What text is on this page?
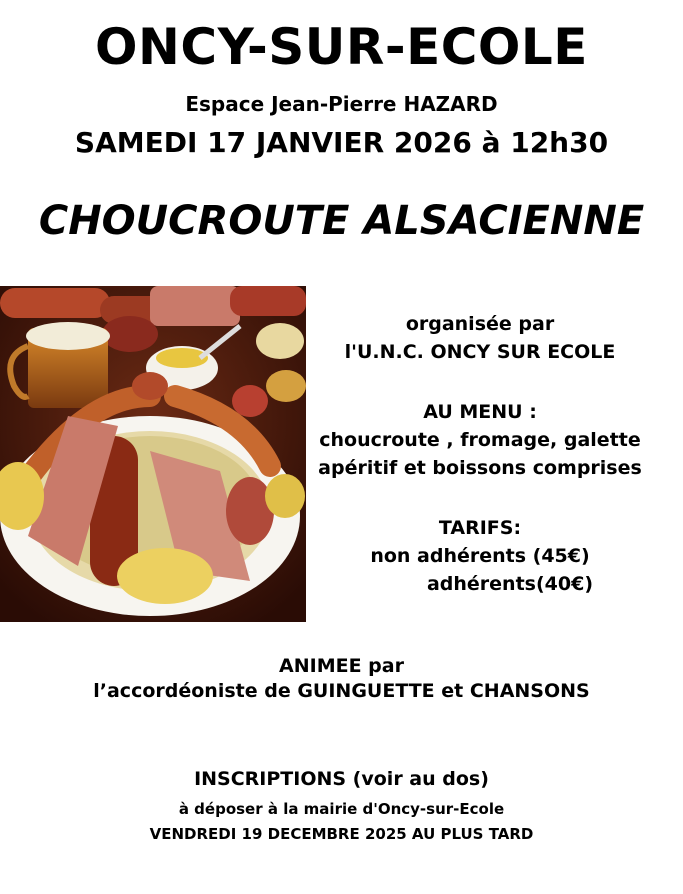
ONCY-SUR-ECOLE
Espace Jean-Pierre HAZARD
SAMEDI 17 JANVIER 2026 à 12h30
CHOUCROUTE ALSACIENNE
organisée par
l'U.N.C. ONCY SUR ECOLE
AU MENU :
choucroute , fromage, galette
apéritif et boissons comprises
TARIFS:
non adhérents (45€)
adhérents(40€)
ANIMEE par
l’accordéoniste de GUINGUETTE et CHANSONS
INSCRIPTIONS (voir au dos)
à déposer à la mairie d'Oncy-sur-Ecole
VENDREDI 19 DECEMBRE 2025 AU PLUS TARD
